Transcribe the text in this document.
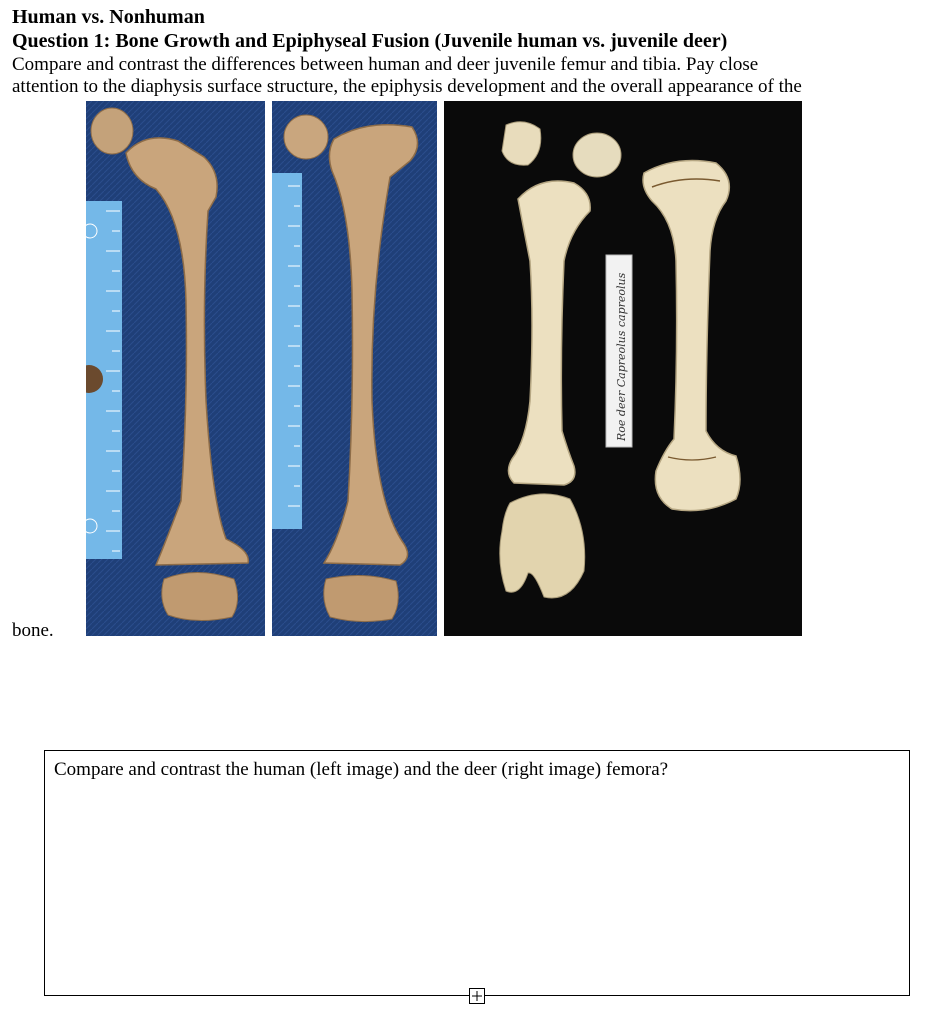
Human vs. Nonhuman
Question 1: Bone Growth and Epiphyseal Fusion (Juvenile human vs. juvenile deer)
Compare and contrast the differences between human and deer juvenile femur and tibia. Pay close
attention to the diaphysis surface structure, the epiphysis development and the overall appearance of the
bone.
Roe deer Capreolus capreolus
Compare and contrast the human (left image) and the deer (right image) femora?
